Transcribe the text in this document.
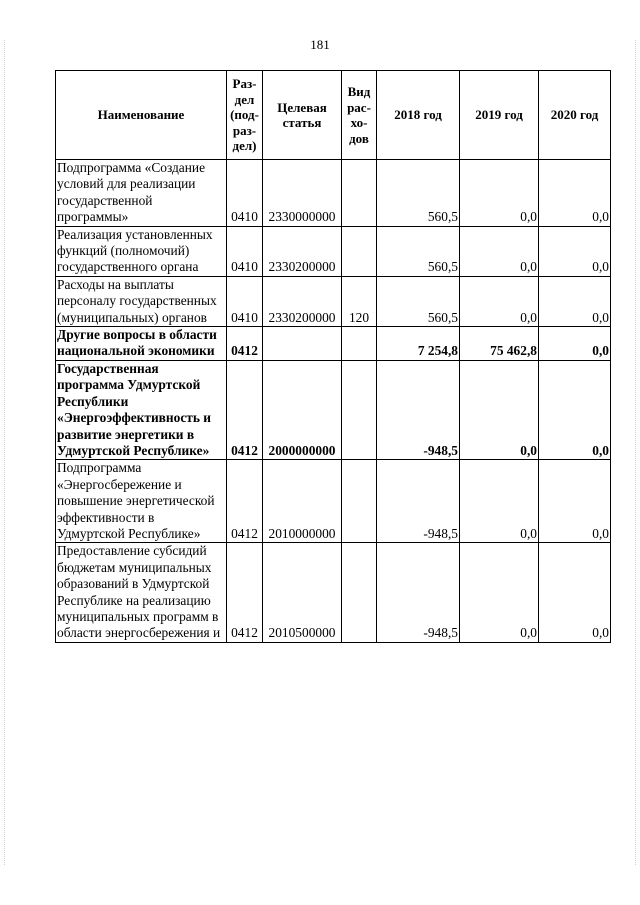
181
Наименование	Раз-дел (под-раз-дел)	Целевая статья	Вид рас-хо-дов	2018 год	2019 год	2020 год
Подпрограмма «Создание условий для реализации государственной программы»	0410	2330000000		560,5	0,0	0,0
Реализация установленных функций (полномочий) государственного органа	0410	2330200000		560,5	0,0	0,0
Расходы на выплаты персоналу государственных (муниципальных) органов	0410	2330200000	120	560,5	0,0	0,0
Другие вопросы в области национальной экономики	0412			7 254,8	75 462,8	0,0
Государственная программа Удмуртской Республики «Энергоэффективность и развитие энергетики в Удмуртской Республике»	0412	2000000000		-948,5	0,0	0,0
Подпрограмма «Энергосбережение и повышение энергетической эффективности в Удмуртской Республике»	0412	2010000000		-948,5	0,0	0,0
Предоставление субсидий бюджетам муниципальных образований в Удмуртской Республике на реализацию муниципальных программ в области энергосбережения и	0412	2010500000		-948,5	0,0	0,0
